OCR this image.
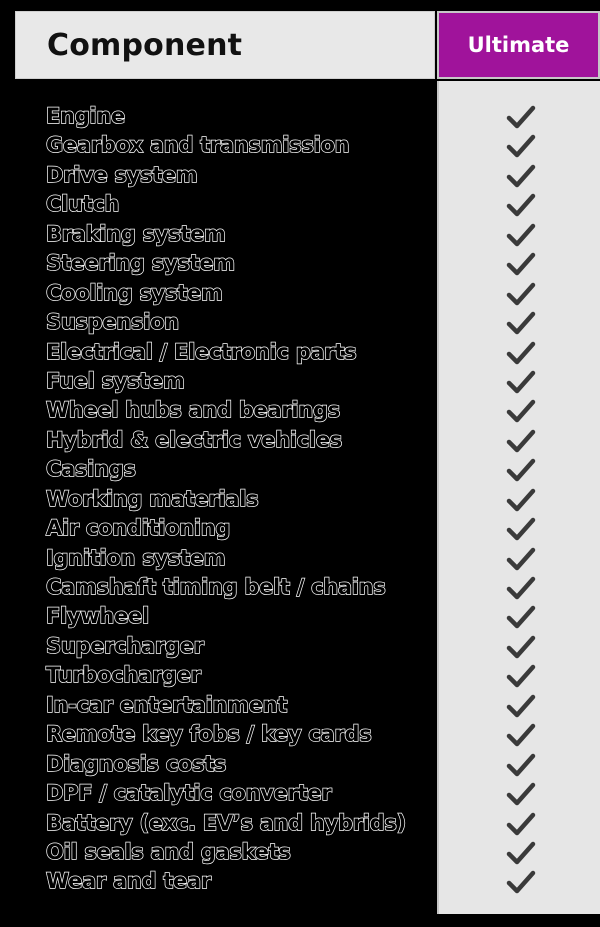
Component	Ultimate
Engine
Gearbox and transmission
Drive system
Clutch
Braking system
Steering system
Cooling system
Suspension
Electrical / Electronic parts
Fuel system
Wheel hubs and bearings
Hybrid & electric vehicles
Casings
Working materials
Air conditioning
Ignition system
Camshaft timing belt / chains
Flywheel
Supercharger
Turbocharger
In-car entertainment
Remote key fobs / key cards
Diagnosis costs
DPF / catalytic converter
Battery (exc. EV’s and hybrids)
Oil seals and gaskets
Wear and tear
